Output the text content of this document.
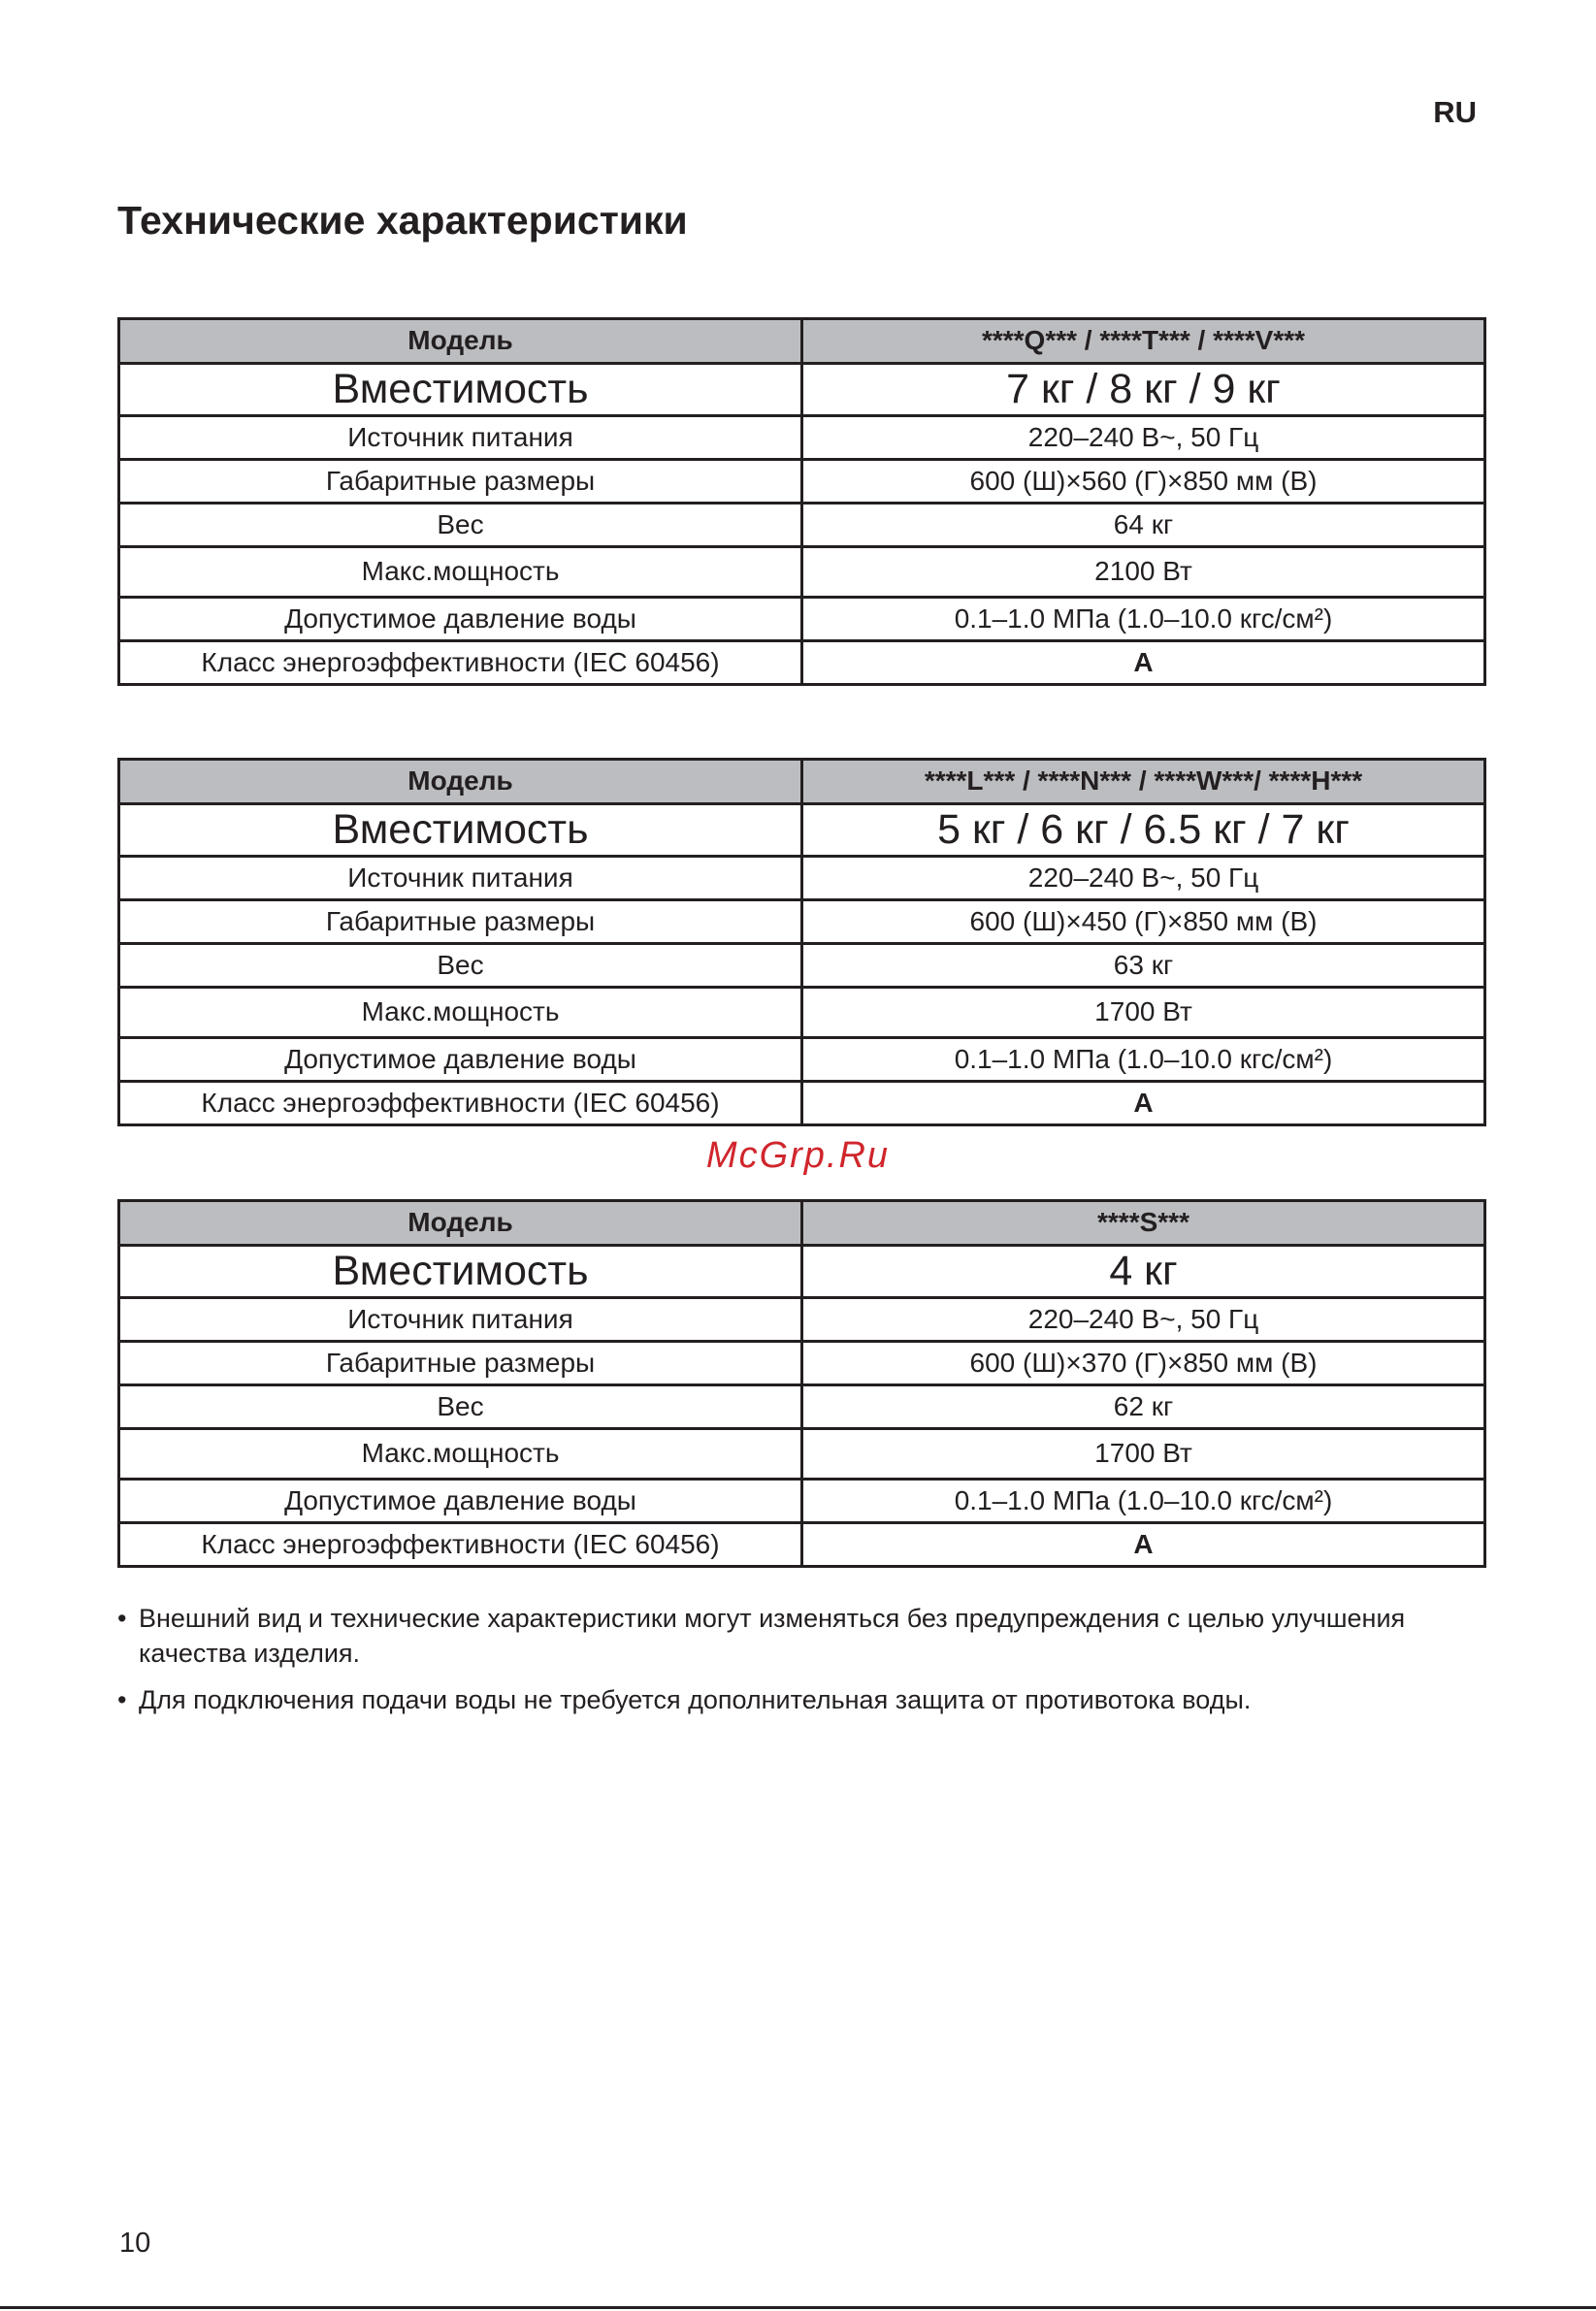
RU
Технические характеристики
Модель	****Q*** / ****T*** / ****V***
Вместимость	7 кг / 8 кг / 9 кг
Источник питания	220–240 В~, 50 Гц
Габаритные размеры	600 (Ш)×560 (Г)×850 мм (В)
Вес	64 кг
Макс.мощность	2100 Вт
Допустимое давление воды	0.1–1.0 МПа (1.0–10.0 кгс/см²)
Класс энергоэффективности (IEC 60456)	A
Модель	****L*** / ****N*** / ****W***/ ****H***
Вместимость	5 кг / 6 кг / 6.5 кг / 7 кг
Источник питания	220–240 В~, 50 Гц
Габаритные размеры	600 (Ш)×450 (Г)×850 мм (В)
Вес	63 кг
Макс.мощность	1700 Вт
Допустимое давление воды	0.1–1.0 МПа (1.0–10.0 кгс/см²)
Класс энергоэффективности (IEC 60456)	A
McGrp.Ru
Модель	****S***
Вместимость	4 кг
Источник питания	220–240 В~, 50 Гц
Габаритные размеры	600 (Ш)×370 (Г)×850 мм (В)
Вес	62 кг
Макс.мощность	1700 Вт
Допустимое давление воды	0.1–1.0 МПа (1.0–10.0 кгс/см²)
Класс энергоэффективности (IEC 60456)	A
• Внешний вид и технические характеристики могут изменяться без предупреждения с целью улучшения качества изделия.
• Для подключения подачи воды не требуется дополнительная защита от противотока воды.
10
